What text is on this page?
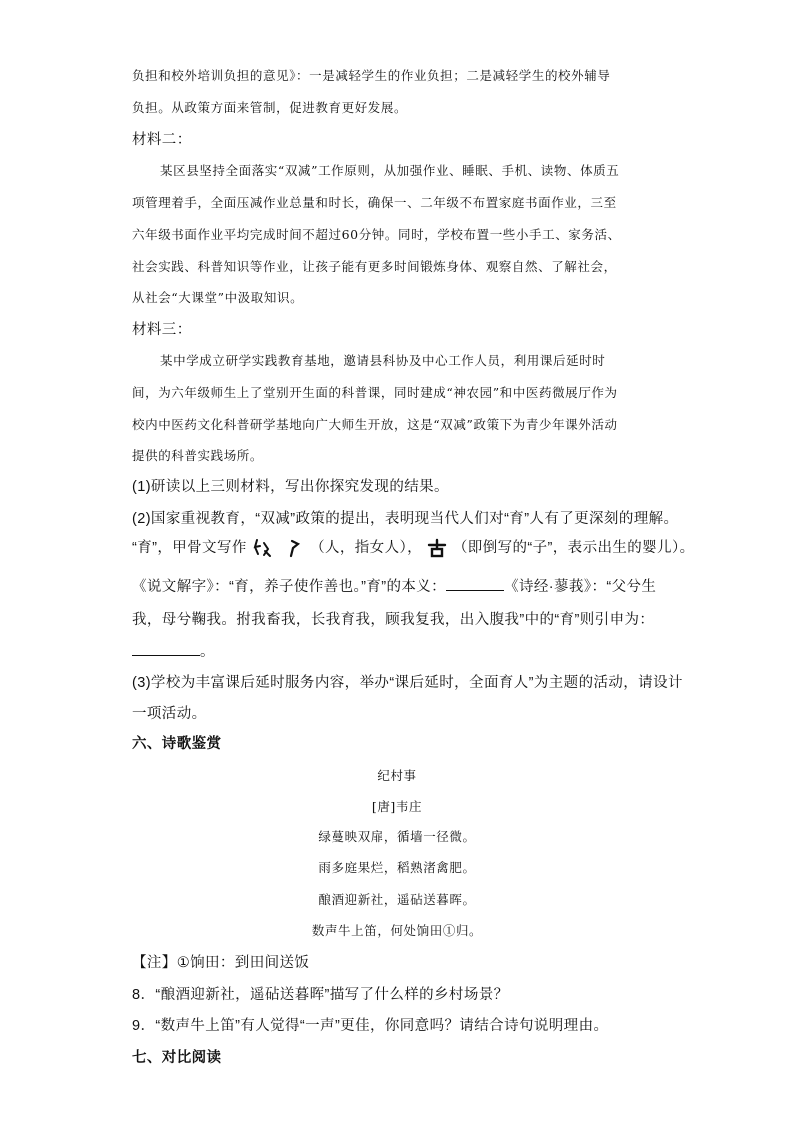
负担和校外培训负担的意见》：一是减轻学生的作业负担；二是减轻学生的校外辅导
负担。从政策方面来管制，促进教育更好发展。
材料二：
某区县坚持全面落实“双减”工作原则，从加强作业、睡眠、手机、读物、体质五
项管理着手，全面压减作业总量和时长，确保一、二年级不布置家庭书面作业，三至
六年级书面作业平均完成时间不超过60分钟。同时，学校布置一些小手工、家务活、
社会实践、科普知识等作业，让孩子能有更多时间锻炼身体、观察自然、了解社会，
从社会“大课堂”中汲取知识。
材料三：
某中学成立研学实践教育基地，邀请县科协及中心工作人员，利用课后延时时
间，为六年级师生上了堂别开生面的科普课，同时建成“神农园”和中医药微展厅作为
校内中医药文化科普研学基地向广大师生开放，这是“双减”政策下为青少年课外活动
提供的科普实践场所。
(1)研读以上三则材料，写出你探究发现的结果。
(2)国家重视教育，“双减”政策的提出，表明现当代人们对“育”人有了更深刻的理解。
“育”，甲骨文写作	（人，指女人）， （即倒写的“子”，表示出生的婴儿）。
《说文解字》：“育，养子使作善也。”育”的本义：	《诗经·蓼莪》：“父兮生
我，母兮鞠我。拊我畜我，长我育我，顾我复我，出入腹我”中的“育”则引申为：
。
(3)学校为丰富课后延时服务内容，举办“课后延时，全面育人”为主题的活动，请设计
一项活动。
六、诗歌鉴赏
纪村事
[唐]韦庄
绿蔓映双扉，循墙一径微。
雨多庭果烂，稻熟渚禽肥。
酿酒迎新社，遥砧送暮晖。
数声牛上笛，何处饷田①归。
【注】①饷田：到田间送饭
8．“酿酒迎新社，遥砧送暮晖”描写了什么样的乡村场景？
9．“数声牛上笛”有人觉得“一声”更佳，你同意吗？请结合诗句说明理由。
七、对比阅读
